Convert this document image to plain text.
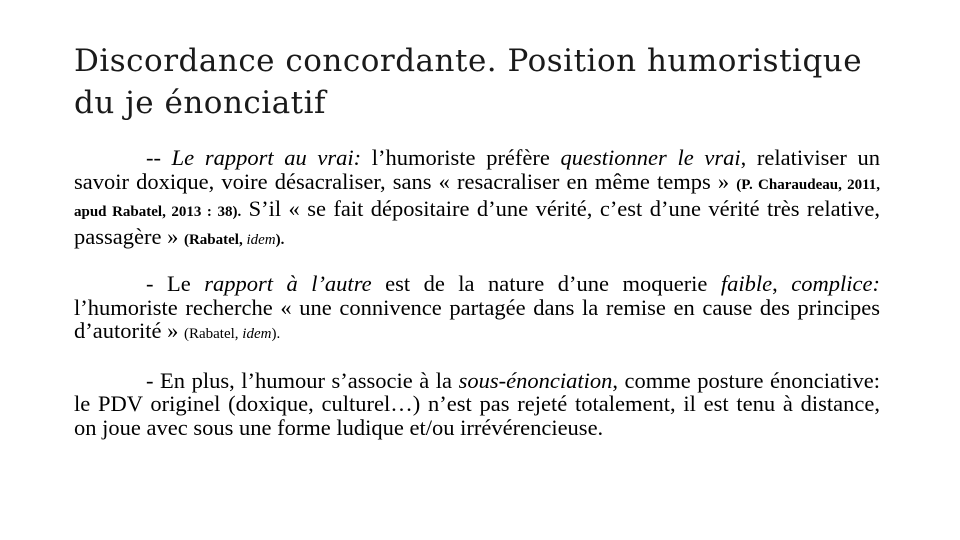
Discordance concordante. Position humoristique du je énonciatif

-- Le rapport au vrai: l’humoriste préfère questionner le vrai, relativiser un savoir doxique, voire désacraliser, sans « resacraliser en même temps » (P. Charaudeau, 2011, apud Rabatel, 2013 : 38). S’il « se fait dépositaire d’une vérité, c’est d’une vérité très relative, passagère » (Rabatel, idem).

- Le rapport à l’autre est de la nature d’une moquerie faible, complice: l’humoriste recherche « une connivence partagée dans la remise en cause des principes d’autorité » (Rabatel, idem).

- En plus, l’humour s’associe à la sous-énonciation, comme posture énonciative: le PDV originel (doxique, culturel…) n’est pas rejeté totalement, il est tenu à distance, on joue avec sous une forme ludique et/ou irrévérencieuse.
